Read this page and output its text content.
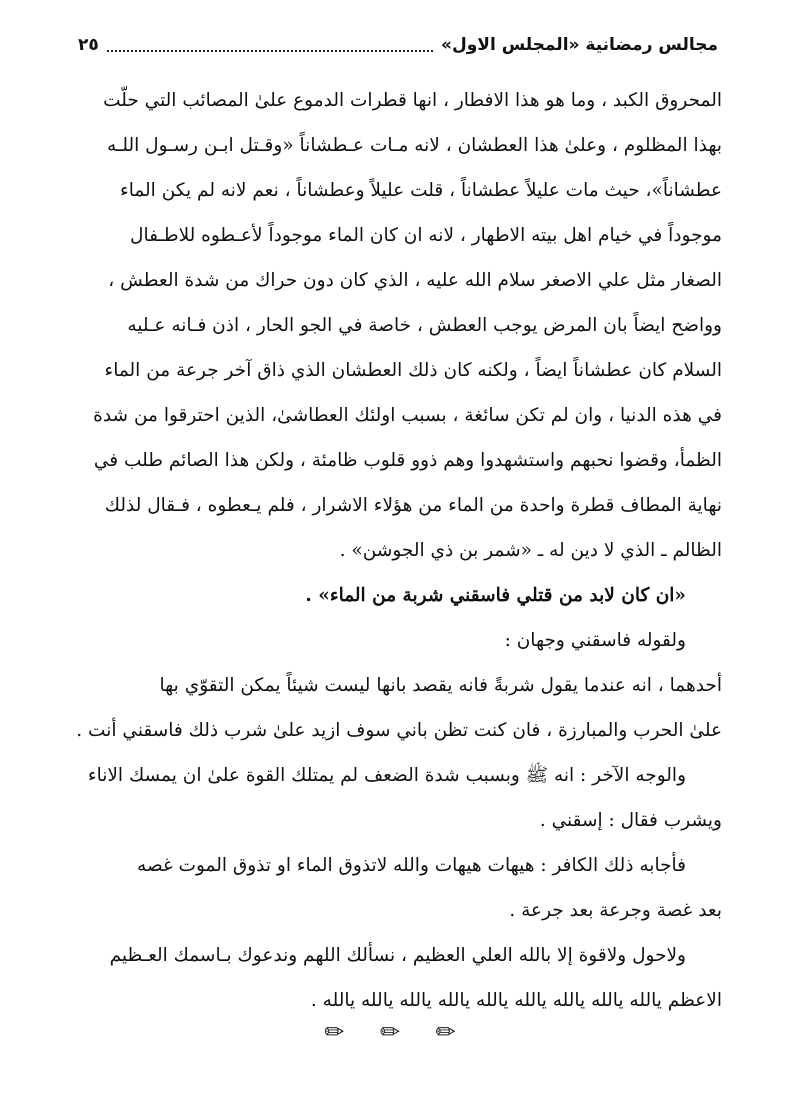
مجالس رمضانية «المجلس الاول»
٢٥
المحروق الكبد ، وما هو هذا الافطار ، انها قطرات الدموع علىٰ المصائب التي حلّت
بهذا المظلوم ، وعلىٰ هذا العطشان ، لانه مـات عـطشاناً «وقـتل ابـن رسـول اللـه
عطشاناً»، حيث مات عليلاً عطشاناً ، قلت عليلاً وعطشاناً ، نعم لانه لم يكن الماء
موجوداً في خيام اهل بيته الاطهار ، لانه ان كان الماء موجوداً لأعـطوه للاطـفال
الصغار مثل علي الاصغر سلام الله عليه ، الذي كان دون حراك من شدة العطش ،
وواضح ايضاً بان المرض يوجب العطش ، خاصة في الجو الحار ، اذن فـانه عـليه
السلام كان عطشاناً ايضاً ، ولكنه كان ذلك العطشان الذي ذاق آخر جرعة من الماء
في هذه الدنيا ، وان لم تكن سائغة ، بسبب اولئك العطاشىٰ، الذين احترقوا من شدة
الظمأ، وقضوا نحبهم واستشهدوا وهم ذوو قلوب ظامئة ، ولكن هذا الصائم طلب في
نهاية المطاف قطرة واحدة من الماء من هؤلاء الاشرار ، فلم يـعطوه ، فـقال لذلك
الظالم ـ الذي لا دين له ـ «شمر بن ذي الجوشن» .
«ان كان لابد من قتلي فاسقني شربة من الماء» .
ولقوله فاسقني وجهان :
أحدهما ، انه عندما يقول شربةً فانه يقصد بانها ليست شيئاً يمكن التقوّي بها
علىٰ الحرب والمبارزة ، فان كنت تظن باني سوف ازيد علىٰ شرب ذلك فاسقني أنت .
والوجه الآخر : انه ﷺ وبسبب شدة الضعف لم يمتلك القوة علىٰ ان يمسك الاناء
ويشرب فقال : إسقني .
فأجابه ذلك الكافر : هيهات هيهات والله لاتذوق الماء او تذوق الموت غصه
بعد غصة وجرعة بعد جرعة .
ولاحول ولاقوة إلا بالله العلي العظيم ، نسألك اللهم وندعوك بـاسمك العـظيم
الاعظم يالله يالله يالله يالله يالله يالله يالله يالله يالله .
✏ ✏ ✏
